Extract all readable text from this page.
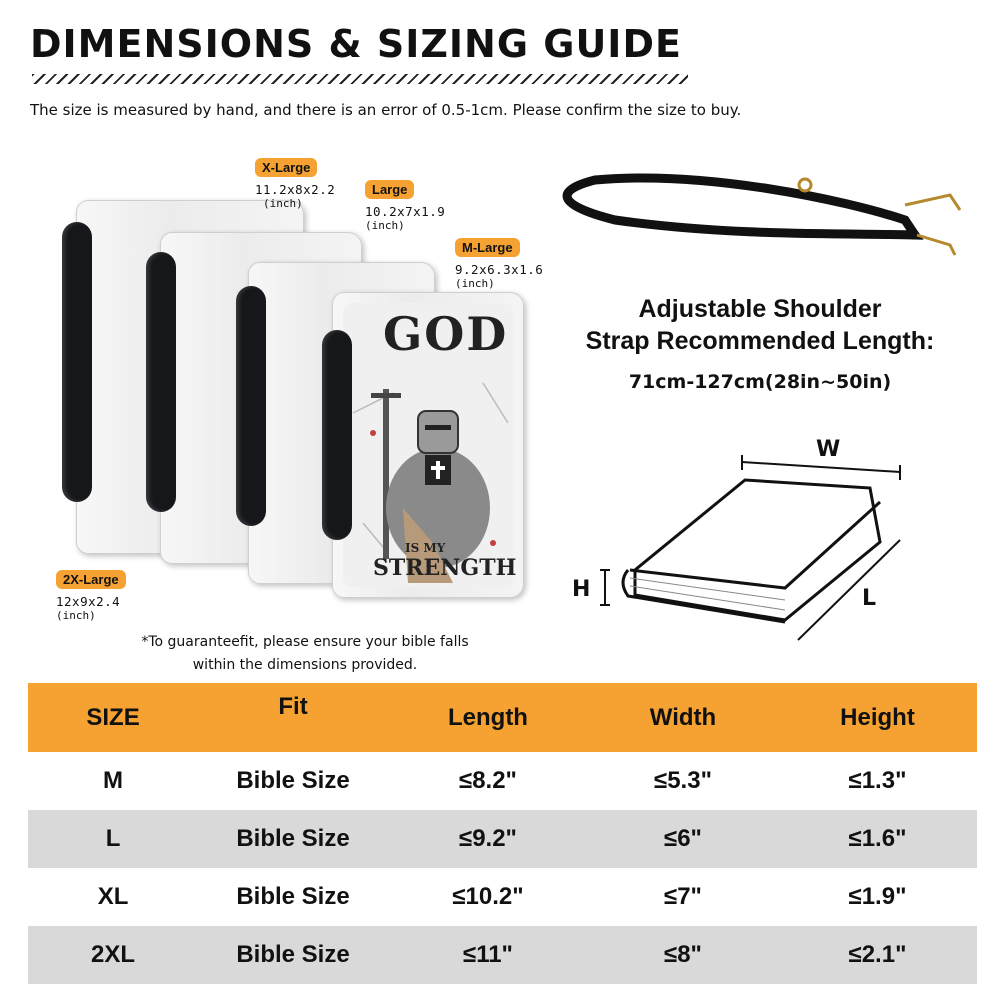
DIMENSIONS & SIZING GUIDE
The size is measured by hand, and there is an error of 0.5-1cm. Please confirm the size to buy.
GOD
IS MY
STRENGTH
X-Large
11.2x8x2.2
(inch)
Large
10.2x7x1.9
(inch)
M-Large
9.2x6.3x1.6
(inch)
2X-Large
12x9x2.4
(inch)
Adjustable Shoulder
Strap Recommended Length:
71cm-127cm(28in~50in)
W
H	L
*To guaranteefit, please ensure your bible falls
within the dimensions provided.
SIZE	Fit	Length	Width	Height
M	Bible Size	≤8.2"	≤5.3"	≤1.3"
L	Bible Size	≤9.2"	≤6"	≤1.6"
XL	Bible Size	≤10.2"	≤7"	≤1.9"
2XL	Bible Size	≤11"	≤8"	≤2.1"
